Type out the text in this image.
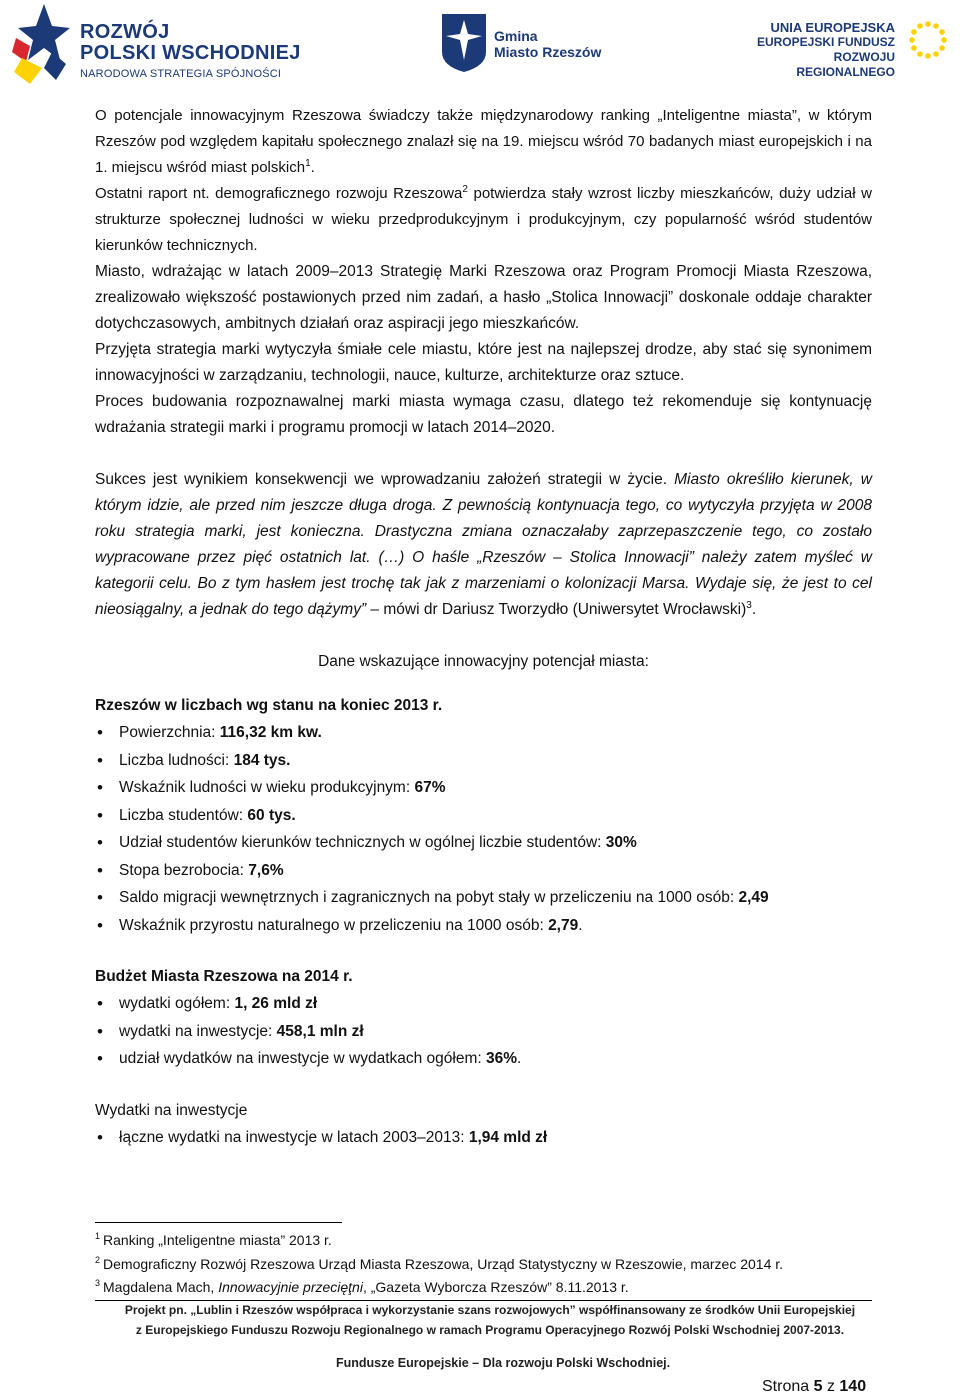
ROZWÓJ
POLSKI WSCHODNIEJ
NARODOWA STRATEGIA SPÓJNOŚCI
Gmina
Miasto Rzeszów
UNIA EUROPEJSKA
EUROPEJSKI FUNDUSZ
ROZWOJU REGIONALNEGO

O potencjale innowacyjnym Rzeszowa świadczy także międzynarodowy ranking „Inteligentne miasta”, w którym Rzeszów pod względem kapitału społecznego znalazł się na 19. miejscu wśród 70 badanych miast europejskich i na 1. miejscu wśród miast polskich$^1$.

Ostatni raport nt. demograficznego rozwoju Rzeszowa$^2$ potwierdza stały wzrost liczby mieszkańców, duży udział w strukturze społecznej ludności w wieku przedprodukcyjnym i produkcyjnym, czy popularność wśród studentów kierunków technicznych.

Miasto, wdrażając w latach 2009–2013 Strategię Marki Rzeszowa oraz Program Promocji Miasta Rzeszowa, zrealizowało większość postawionych przed nim zadań, a hasło „Stolica Innowacji” doskonale oddaje charakter dotychczasowych, ambitnych działań oraz aspiracji jego mieszkańców.

Przyjęta strategia marki wytyczyła śmiałe cele miastu, które jest na najlepszej drodze, aby stać się synonimem innowacyjności w zarządzaniu, technologii, nauce, kulturze, architekturze oraz sztuce.

Proces budowania rozpoznawalnej marki miasta wymaga czasu, dlatego też rekomenduje się kontynuację wdrażania strategii marki i programu promocji w latach 2014–2020.

Sukces jest wynikiem konsekwencji we wprowadzaniu założeń strategii w życie. Miasto określiło kierunek, w którym idzie, ale przed nim jeszcze długa droga. Z pewnością kontynuacja tego, co wytyczyła przyjęta w 2008 roku strategia marki, jest konieczna. Drastyczna zmiana oznaczałaby zaprzepaszczenie tego, co zostało wypracowane przez pięć ostatnich lat. (…) O haśle „Rzeszów – Stolica Innowacji” należy zatem myśleć w kategorii celu. Bo z tym hasłem jest trochę tak jak z marzeniami o kolonizacji Marsa. Wydaje się, że jest to cel nieosiągalny, a jednak do tego dążymy” – mówi dr Dariusz Tworzydło (Uniwersytet Wrocławski)$^3$.

Dane wskazujące innowacyjny potencjał miasta:

Rzeszów w liczbach wg stanu na koniec 2013 r.
• Powierzchnia: 116,32 km kw.
• Liczba ludności: 184 tys.
• Wskaźnik ludności w wieku produkcyjnym: 67%
• Liczba studentów: 60 tys.
• Udział studentów kierunków technicznych w ogólnej liczbie studentów: 30%
• Stopa bezrobocia: 7,6%
• Saldo migracji wewnętrznych i zagranicznych na pobyt stały w przeliczeniu na 1000 osób: 2,49
• Wskaźnik przyrostu naturalnego w przeliczeniu na 1000 osób: 2,79.
Budżet Miasta Rzeszowa na 2014 r.
• wydatki ogółem: 1, 26 mld zł
• wydatki na inwestycje: 458,1 mln zł
• udział wydatków na inwestycje w wydatkach ogółem: 36%.
Wydatki na inwestycje
• łączne wydatki na inwestycje w latach 2003–2013: 1,94 mld zł
$^1$ Ranking „Inteligentne miasta” 2013 r.
$^2$ Demograficzny Rozwój Rzeszowa Urząd Miasta Rzeszowa, Urząd Statystyczny w Rzeszowie, marzec 2014 r.
$^3$ Magdalena Mach, Innowacyjnie przecięţni, „Gazeta Wyborcza Rzeszów” 8.11.2013 r.
Projekt pn. „Lublin i Rzeszów współpraca i wykorzystanie szans rozwojowych” współfinansowany ze środków Unii Europejskiej
z Europejskiego Funduszu Rozwoju Regionalnego w ramach Programu Operacyjnego Rozwój Polski Wschodniej 2007-2013.
Fundusze Europejskie – Dla rozwoju Polski Wschodniej.
Strona 5 z 140
